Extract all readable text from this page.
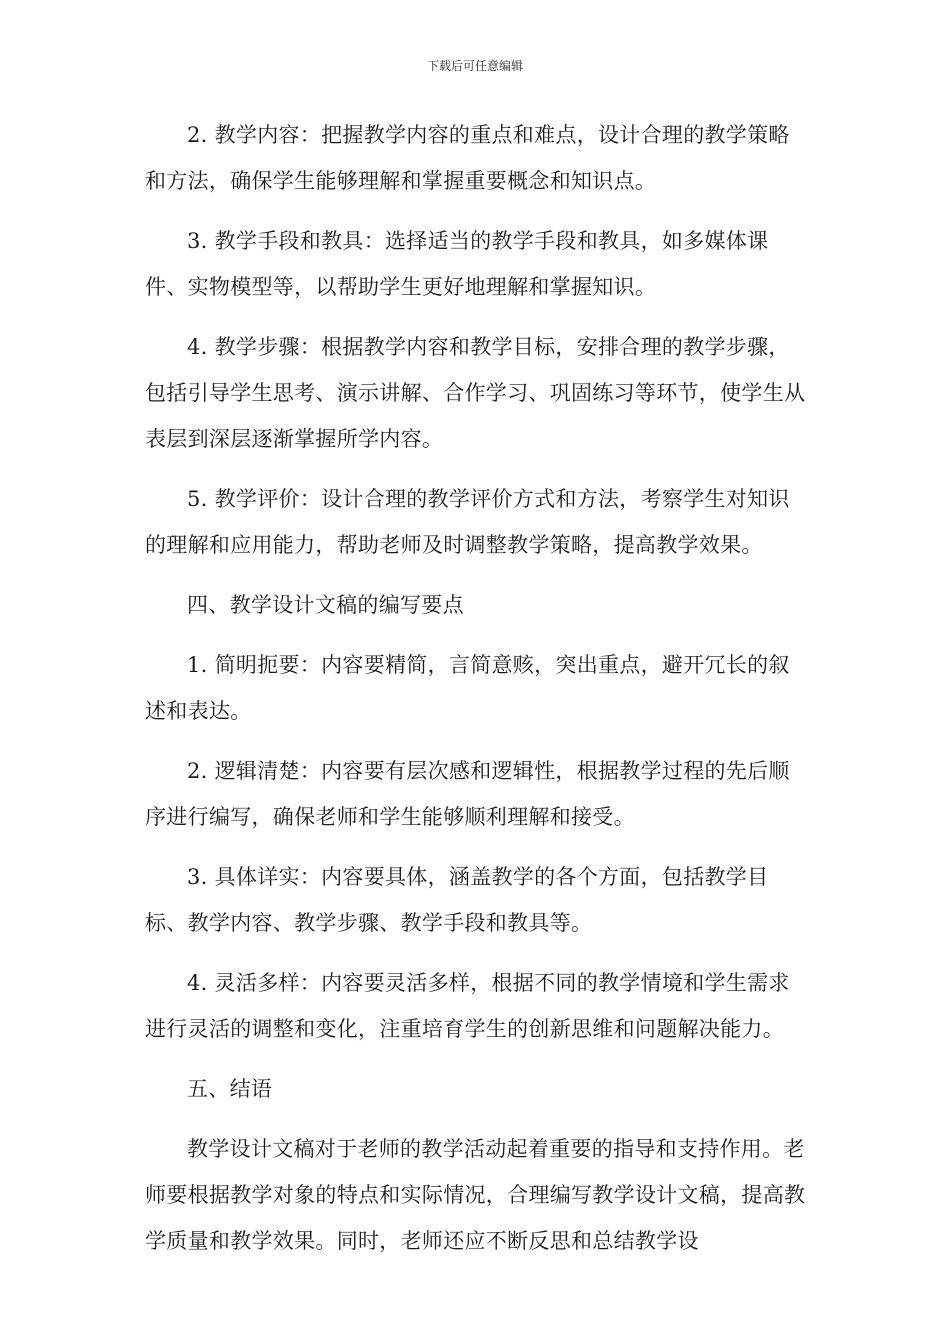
下载后可任意编辑

2. 教学内容：把握教学内容的重点和难点，设计合理的教学策略和方法，确保学生能够理解和掌握重要概念和知识点。

3. 教学手段和教具：选择适当的教学手段和教具，如多媒体课件、实物模型等，以帮助学生更好地理解和掌握知识。

4. 教学步骤：根据教学内容和教学目标，安排合理的教学步骤，包括引导学生思考、演示讲解、合作学习、巩固练习等环节，使学生从表层到深层逐渐掌握所学内容。

5. 教学评价：设计合理的教学评价方式和方法，考察学生对知识的理解和应用能力，帮助老师及时调整教学策略，提高教学效果。

四、教学设计文稿的编写要点

1. 简明扼要：内容要精简，言简意赅，突出重点，避开冗长的叙述和表达。

2. 逻辑清楚：内容要有层次感和逻辑性，根据教学过程的先后顺序进行编写，确保老师和学生能够顺利理解和接受。

3. 具体详实：内容要具体，涵盖教学的各个方面，包括教学目标、教学内容、教学步骤、教学手段和教具等。

4. 灵活多样：内容要灵活多样，根据不同的教学情境和学生需求进行灵活的调整和变化，注重培育学生的创新思维和问题解决能力。

五、结语

教学设计文稿对于老师的教学活动起着重要的指导和支持作用。老师要根据教学对象的特点和实际情况，合理编写教学设计文稿，提高教学质量和教学效果。同时，老师还应不断反思和总结教学设
